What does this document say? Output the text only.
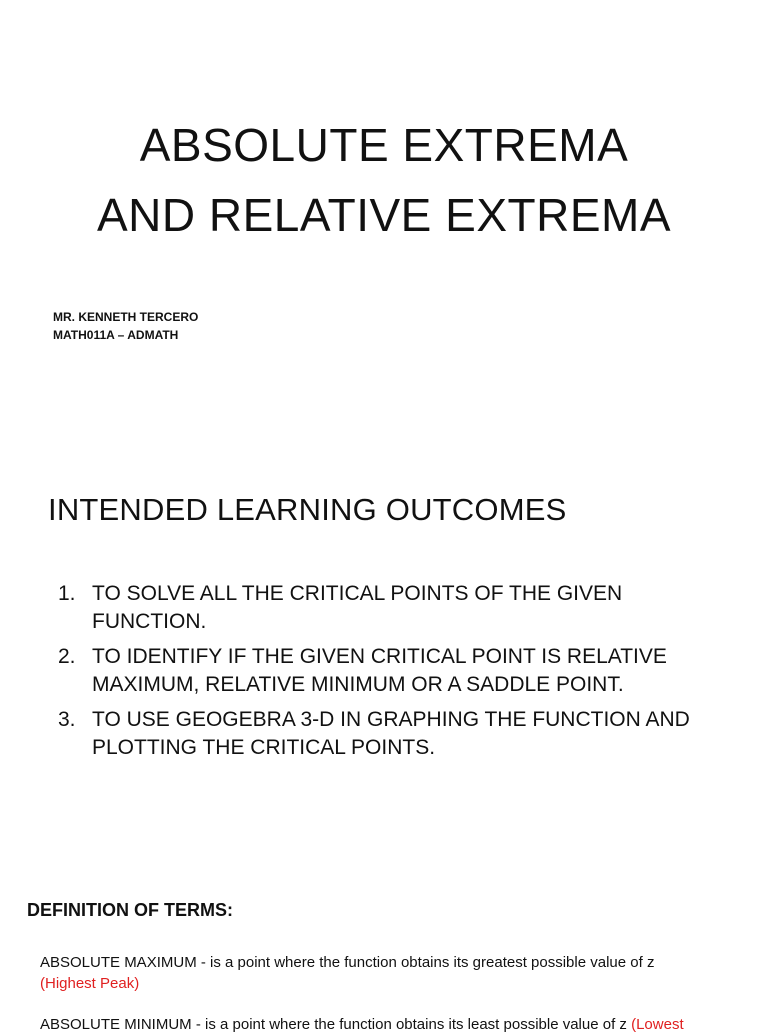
ABSOLUTE EXTREMA
AND RELATIVE EXTREMA
MR. KENNETH TERCERO
MATH011A – ADMATH
INTENDED LEARNING OUTCOMES
1. TO SOLVE ALL THE CRITICAL POINTS OF THE GIVEN FUNCTION.
2. TO IDENTIFY IF THE GIVEN CRITICAL POINT IS RELATIVE MAXIMUM, RELATIVE MINIMUM OR A SADDLE POINT.
3. TO USE GEOGEBRA 3-D IN GRAPHING THE FUNCTION AND PLOTTING THE CRITICAL POINTS.
DEFINITION OF TERMS:
ABSOLUTE MAXIMUM - is a point where the function obtains its greatest possible value of z
(Highest Peak)
ABSOLUTE MINIMUM - is a point where the function obtains its least possible value of z (Lowest
